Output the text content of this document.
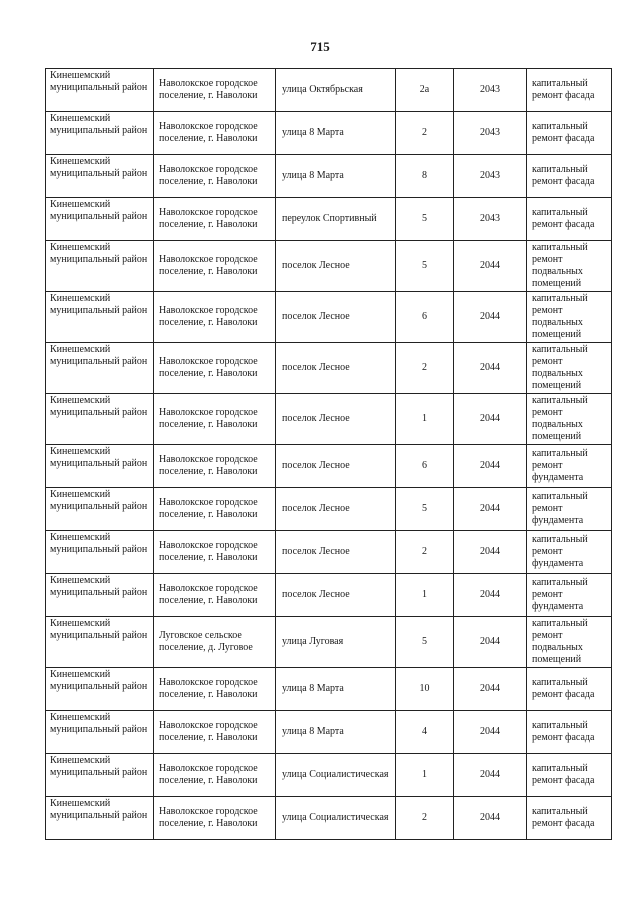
715
Кинешемский муниципальный район	Наволокское городское поселение, г. Наволоки	улица Октябрьская	2а	2043	капитальный ремонт фасада
Кинешемский муниципальный район	Наволокское городское поселение, г. Наволоки	улица 8 Марта	2	2043	капитальный ремонт фасада
Кинешемский муниципальный район	Наволокское городское поселение, г. Наволоки	улица 8 Марта	8	2043	капитальный ремонт фасада
Кинешемский муниципальный район	Наволокское городское поселение, г. Наволоки	переулок Спортивный	5	2043	капитальный ремонт фасада
Кинешемский муниципальный район	Наволокское городское поселение, г. Наволоки	поселок Лесное	5	2044	капитальный ремонт подвальных помещений
Кинешемский муниципальный район	Наволокское городское поселение, г. Наволоки	поселок Лесное	6	2044	капитальный ремонт подвальных помещений
Кинешемский муниципальный район	Наволокское городское поселение, г. Наволоки	поселок Лесное	2	2044	капитальный ремонт подвальных помещений
Кинешемский муниципальный район	Наволокское городское поселение, г. Наволоки	поселок Лесное	1	2044	капитальный ремонт подвальных помещений
Кинешемский муниципальный район	Наволокское городское поселение, г. Наволоки	поселок Лесное	6	2044	капитальный ремонт фундамента
Кинешемский муниципальный район	Наволокское городское поселение, г. Наволоки	поселок Лесное	5	2044	капитальный ремонт фундамента
Кинешемский муниципальный район	Наволокское городское поселение, г. Наволоки	поселок Лесное	2	2044	капитальный ремонт фундамента
Кинешемский муниципальный район	Наволокское городское поселение, г. Наволоки	поселок Лесное	1	2044	капитальный ремонт фундамента
Кинешемский муниципальный район	Луговское сельское поселение, д. Луговое	улица Луговая	5	2044	капитальный ремонт подвальных помещений
Кинешемский муниципальный район	Наволокское городское поселение, г. Наволоки	улица 8 Марта	10	2044	капитальный ремонт фасада
Кинешемский муниципальный район	Наволокское городское поселение, г. Наволоки	улица 8 Марта	4	2044	капитальный ремонт фасада
Кинешемский муниципальный район	Наволокское городское поселение, г. Наволоки	улица Социалистическая	1	2044	капитальный ремонт фасада
Кинешемский муниципальный район	Наволокское городское поселение, г. Наволоки	улица Социалистическая	2	2044	капитальный ремонт фасада
